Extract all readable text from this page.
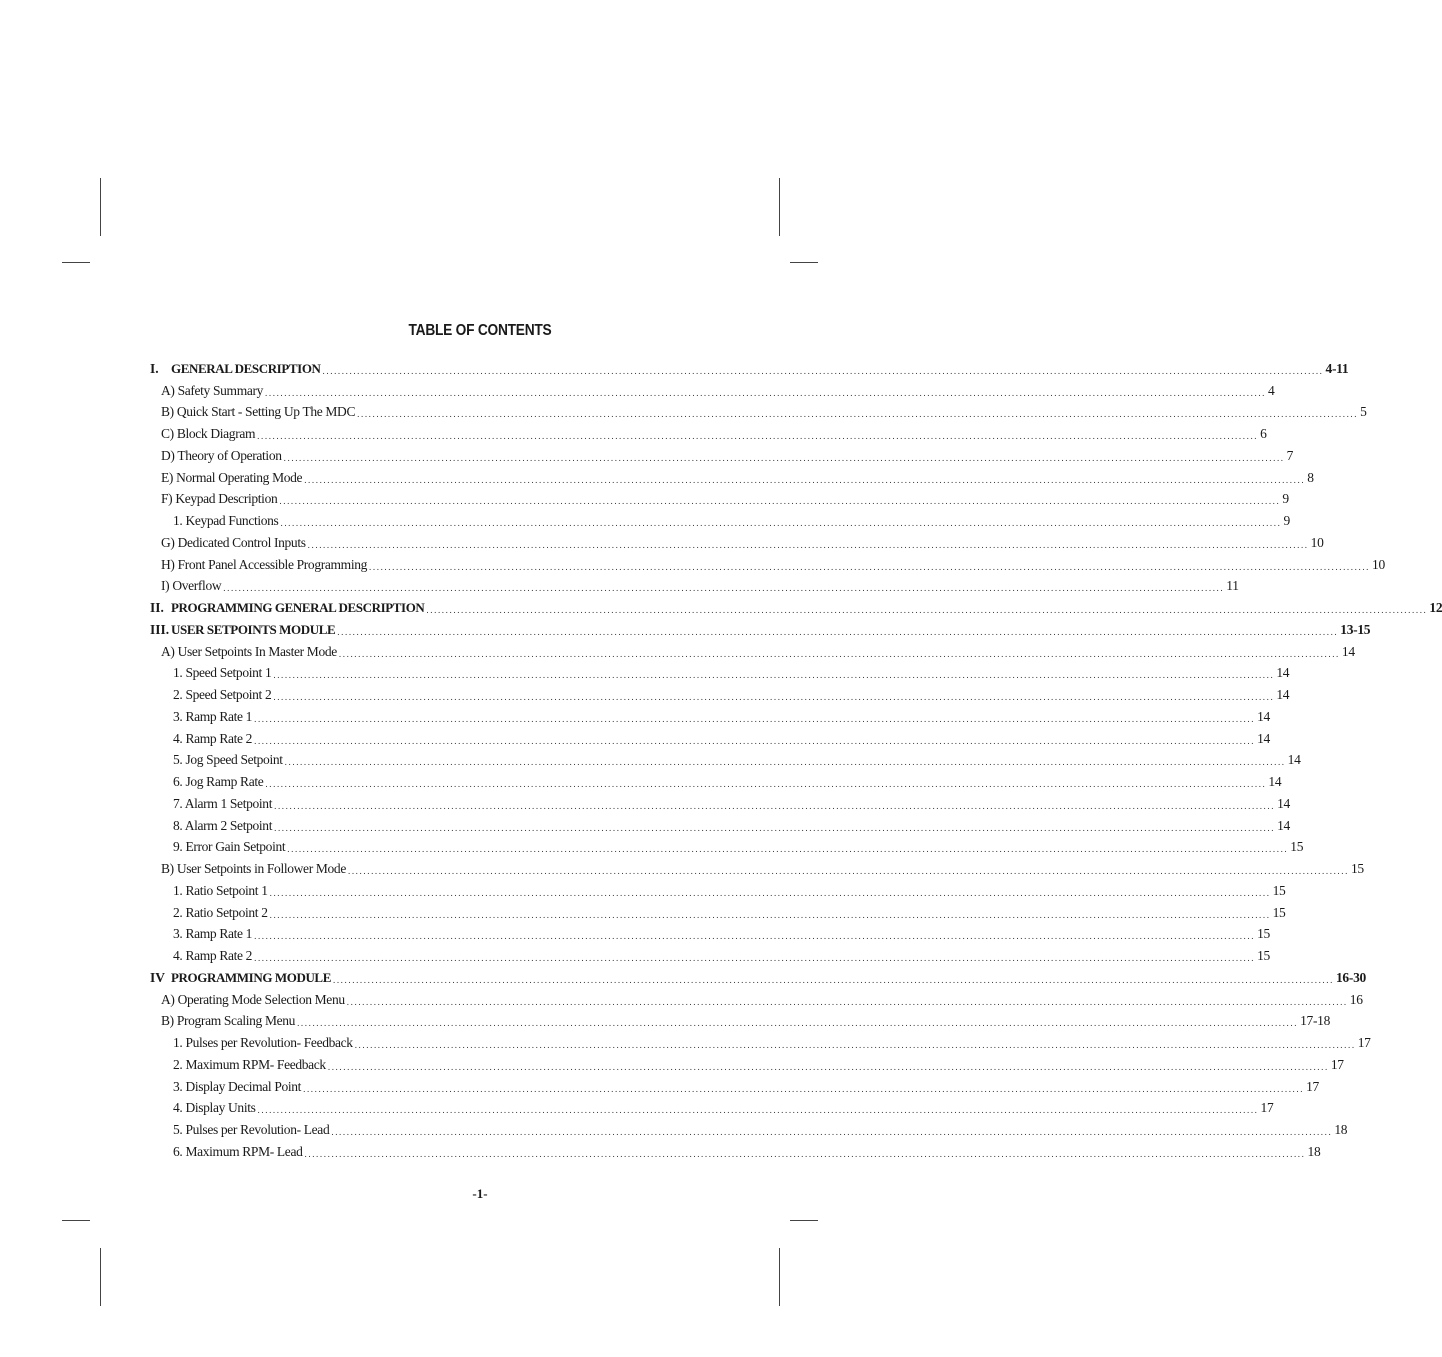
TABLE OF CONTENTS
I. GENERAL DESCRIPTION .................................................................................................................................................................................................................................................................... 4-11
A) Safety Summary .................................................................................................................................................................................................................................................................... 4
B) Quick Start - Setting Up The MDC .................................................................................................................................................................................................................................................................... 5
C) Block Diagram .................................................................................................................................................................................................................................................................... 6
D) Theory of Operation .................................................................................................................................................................................................................................................................... 7
E) Normal Operating Mode .................................................................................................................................................................................................................................................................... 8
F) Keypad Description .................................................................................................................................................................................................................................................................... 9
1. Keypad Functions .................................................................................................................................................................................................................................................................... 9
G) Dedicated Control Inputs .................................................................................................................................................................................................................................................................... 10
H) Front Panel Accessible Programming .................................................................................................................................................................................................................................................................... 10
I) Overflow .................................................................................................................................................................................................................................................................... 11
II. PROGRAMMING GENERAL DESCRIPTION .................................................................................................................................................................................................................................................................... 12
III. USER SETPOINTS MODULE .................................................................................................................................................................................................................................................................... 13-15
A) User Setpoints In Master Mode .................................................................................................................................................................................................................................................................... 14
1. Speed Setpoint 1 .................................................................................................................................................................................................................................................................... 14
2. Speed Setpoint 2 .................................................................................................................................................................................................................................................................... 14
3. Ramp Rate 1 .................................................................................................................................................................................................................................................................... 14
4. Ramp Rate 2 .................................................................................................................................................................................................................................................................... 14
5. Jog Speed Setpoint .................................................................................................................................................................................................................................................................... 14
6. Jog Ramp Rate .................................................................................................................................................................................................................................................................... 14
7. Alarm 1 Setpoint .................................................................................................................................................................................................................................................................... 14
8. Alarm 2 Setpoint .................................................................................................................................................................................................................................................................... 14
9. Error Gain Setpoint .................................................................................................................................................................................................................................................................... 15
B) User Setpoints in Follower Mode .................................................................................................................................................................................................................................................................... 15
1. Ratio Setpoint 1 .................................................................................................................................................................................................................................................................... 15
2. Ratio Setpoint 2 .................................................................................................................................................................................................................................................................... 15
3. Ramp Rate 1 .................................................................................................................................................................................................................................................................... 15
4. Ramp Rate 2 .................................................................................................................................................................................................................................................................... 15
IV PROGRAMMING MODULE .................................................................................................................................................................................................................................................................... 16-30
A) Operating Mode Selection Menu .................................................................................................................................................................................................................................................................... 16
B) Program Scaling Menu .................................................................................................................................................................................................................................................................... 17-18
1. Pulses per Revolution- Feedback .................................................................................................................................................................................................................................................................... 17
2. Maximum RPM- Feedback .................................................................................................................................................................................................................................................................... 17
3. Display Decimal Point .................................................................................................................................................................................................................................................................... 17
4. Display Units .................................................................................................................................................................................................................................................................... 17
5. Pulses per Revolution- Lead .................................................................................................................................................................................................................................................................... 18
6. Maximum RPM- Lead .................................................................................................................................................................................................................................................................... 18
-1-
